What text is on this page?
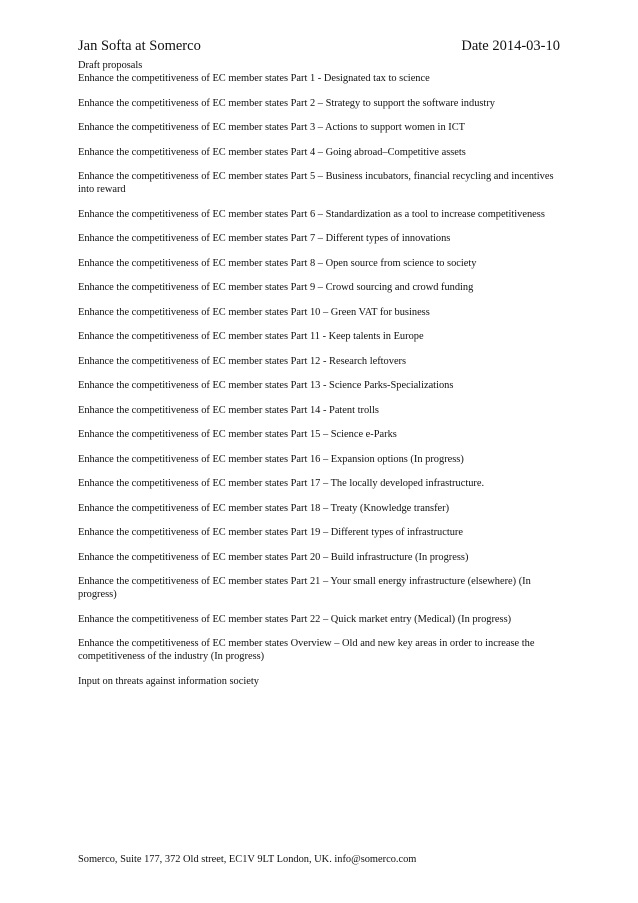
Jan Softa at Somerco	Date 2014-03-10

Draft proposals

Enhance the competitiveness of EC member states Part 1 - Designated tax to science

Enhance the competitiveness of EC member states Part 2 – Strategy to support the software industry

Enhance the competitiveness of EC member states Part 3 – Actions to support women in ICT

Enhance the competitiveness of EC member states Part 4 – Going abroad–Competitive assets

Enhance the competitiveness of EC member states Part 5 – Business incubators, financial recycling and incentives into reward

Enhance the competitiveness of EC member states Part 6 – Standardization as a tool to increase competitiveness

Enhance the competitiveness of EC member states Part 7 – Different types of innovations

Enhance the competitiveness of EC member states Part 8 – Open source from science to society

Enhance the competitiveness of EC member states Part 9 – Crowd sourcing and crowd funding

Enhance the competitiveness of EC member states Part 10 – Green VAT for business

Enhance the competitiveness of EC member states Part 11 - Keep talents in Europe

Enhance the competitiveness of EC member states Part 12 - Research leftovers

Enhance the competitiveness of EC member states Part 13 - Science Parks-Specializations

Enhance the competitiveness of EC member states Part 14 - Patent trolls

Enhance the competitiveness of EC member states Part 15 – Science e-Parks

Enhance the competitiveness of EC member states Part 16 – Expansion options (In progress)

Enhance the competitiveness of EC member states Part 17 – The locally developed infrastructure.

Enhance the competitiveness of EC member states Part 18 – Treaty (Knowledge transfer)

Enhance the competitiveness of EC member states Part 19 – Different types of infrastructure

Enhance the competitiveness of EC member states Part 20 – Build infrastructure (In progress)

Enhance the competitiveness of EC member states Part 21 – Your small energy infrastructure (elsewhere) (In progress)

Enhance the competitiveness of EC member states Part 22 – Quick market entry (Medical) (In progress)

Enhance the competitiveness of EC member states Overview – Old and new key areas in order to increase the competitiveness of the industry (In progress)

Input on threats against information society

Somerco, Suite 177, 372 Old street, EC1V 9LT London, UK. info@somerco.com
